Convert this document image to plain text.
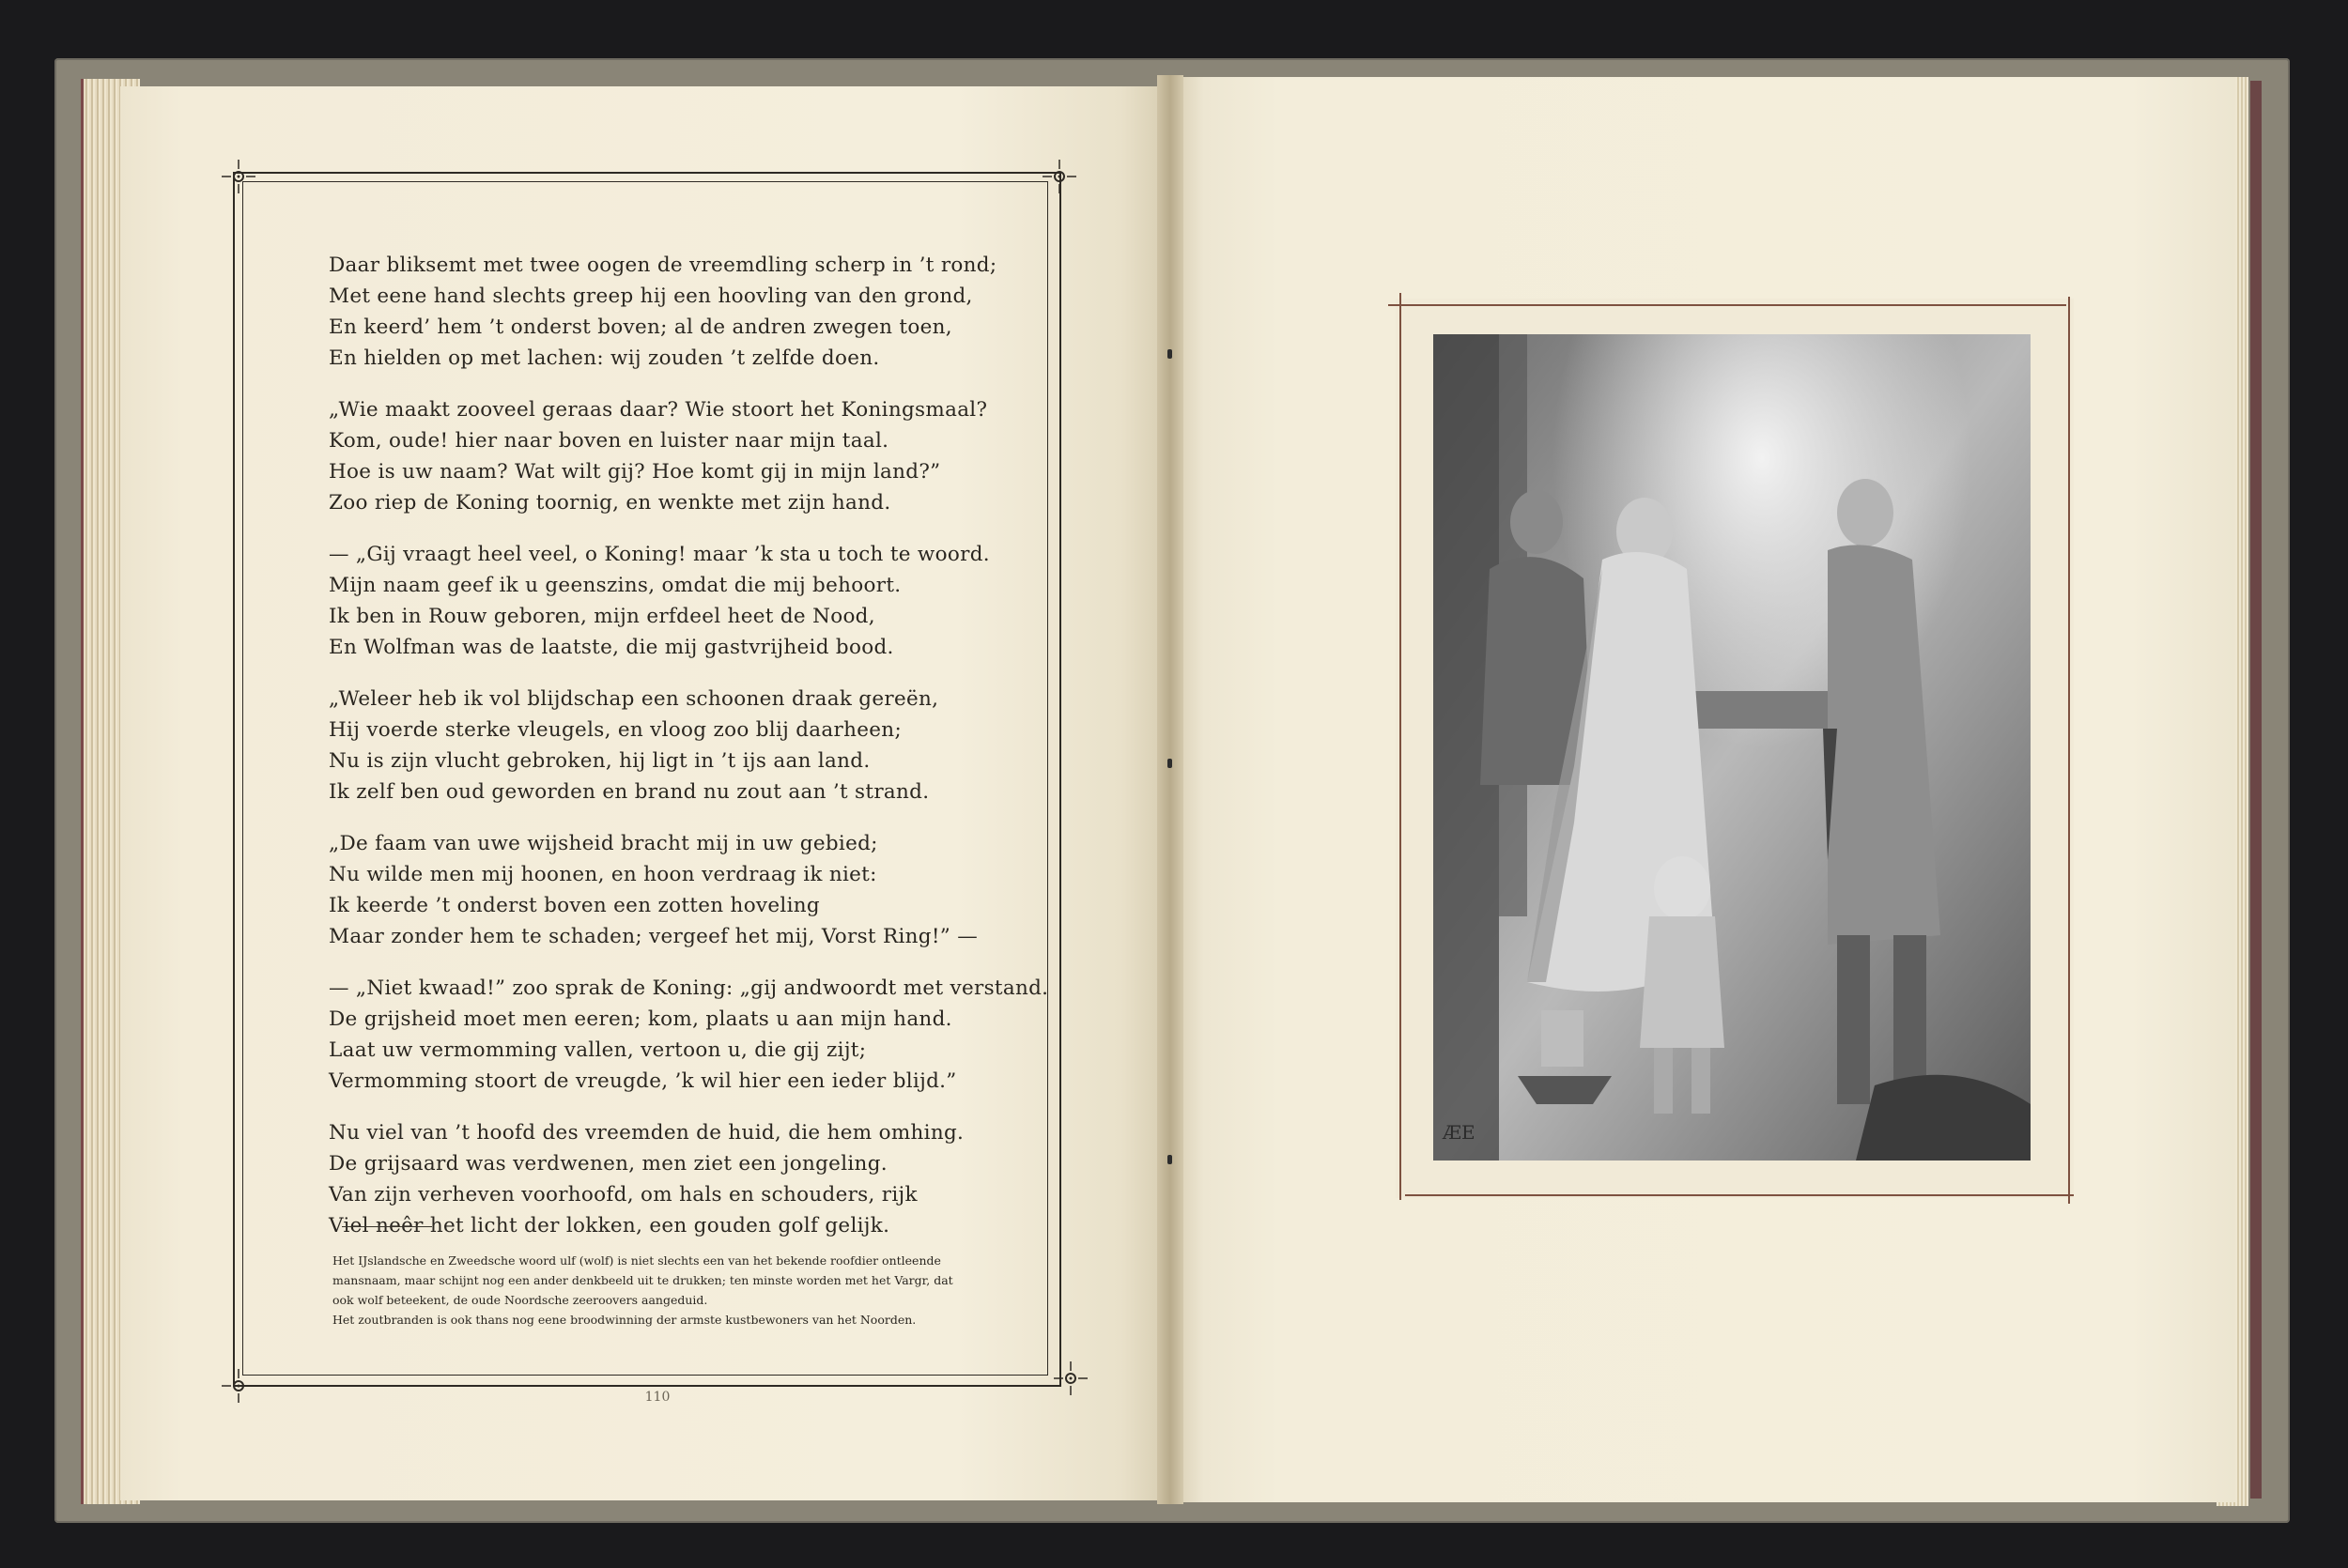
Daar bliksemt met twee oogen de vreemdling scherp in ’t rond;
Met eene hand slechts greep hij een hoovling van den grond,
En keerd’ hem ’t onderst boven; al de andren zwegen toen,
En hielden op met lachen: wij zouden ’t zelfde doen.
„Wie maakt zooveel geraas daar? Wie stoort het Koningsmaal?
Kom, oude! hier naar boven en luister naar mijn taal.
Hoe is uw naam? Wat wilt gij? Hoe komt gij in mijn land?”
Zoo riep de Koning toornig, en wenkte met zijn hand.
— „Gij vraagt heel veel, o Koning! maar ’k sta u toch te woord.
Mijn naam geef ik u geenszins, omdat die mij behoort.
Ik ben in Rouw geboren, mijn erfdeel heet de Nood,
En Wolfman was de laatste, die mij gastvrijheid bood.
„Weleer heb ik vol blijdschap een schoonen draak gereën,
Hij voerde sterke vleugels, en vloog zoo blij daarheen;
Nu is zijn vlucht gebroken, hij ligt in ’t ijs aan land.
Ik zelf ben oud geworden en brand nu zout aan ’t strand.
„De faam van uwe wijsheid bracht mij in uw gebied;
Nu wilde men mij hoonen, en hoon verdraag ik niet:
Ik keerde ’t onderst boven een zotten hoveling
Maar zonder hem te schaden; vergeef het mij, Vorst Ring!” —
— „Niet kwaad!” zoo sprak de Koning: „gij andwoordt met verstand.
De grijsheid moet men eeren; kom, plaats u aan mijn hand.
Laat uw vermomming vallen, vertoon u, die gij zijt;
Vermomming stoort de vreugde, ’k wil hier een ieder blijd.”
Nu viel van ’t hoofd des vreemden de huid, die hem omhing.
De grijsaard was verdwenen, men ziet een jongeling.
Van zijn verheven voorhoofd, om hals en schouders, rijk
Viel neêr het licht der lokken, een gouden golf gelijk.
Het IJslandsche en Zweedsche woord ulf (wolf) is niet slechts een van het bekende roofdier ontleende
mansnaam, maar schijnt nog een ander denkbeeld uit te drukken; ten minste worden met het Vargr, dat
ook wolf beteekent, de oude Noordsche zeeroovers aangeduid.
Het zoutbranden is ook thans nog eene broodwinning der armste kustbewoners van het Noorden.
110
ÆE
